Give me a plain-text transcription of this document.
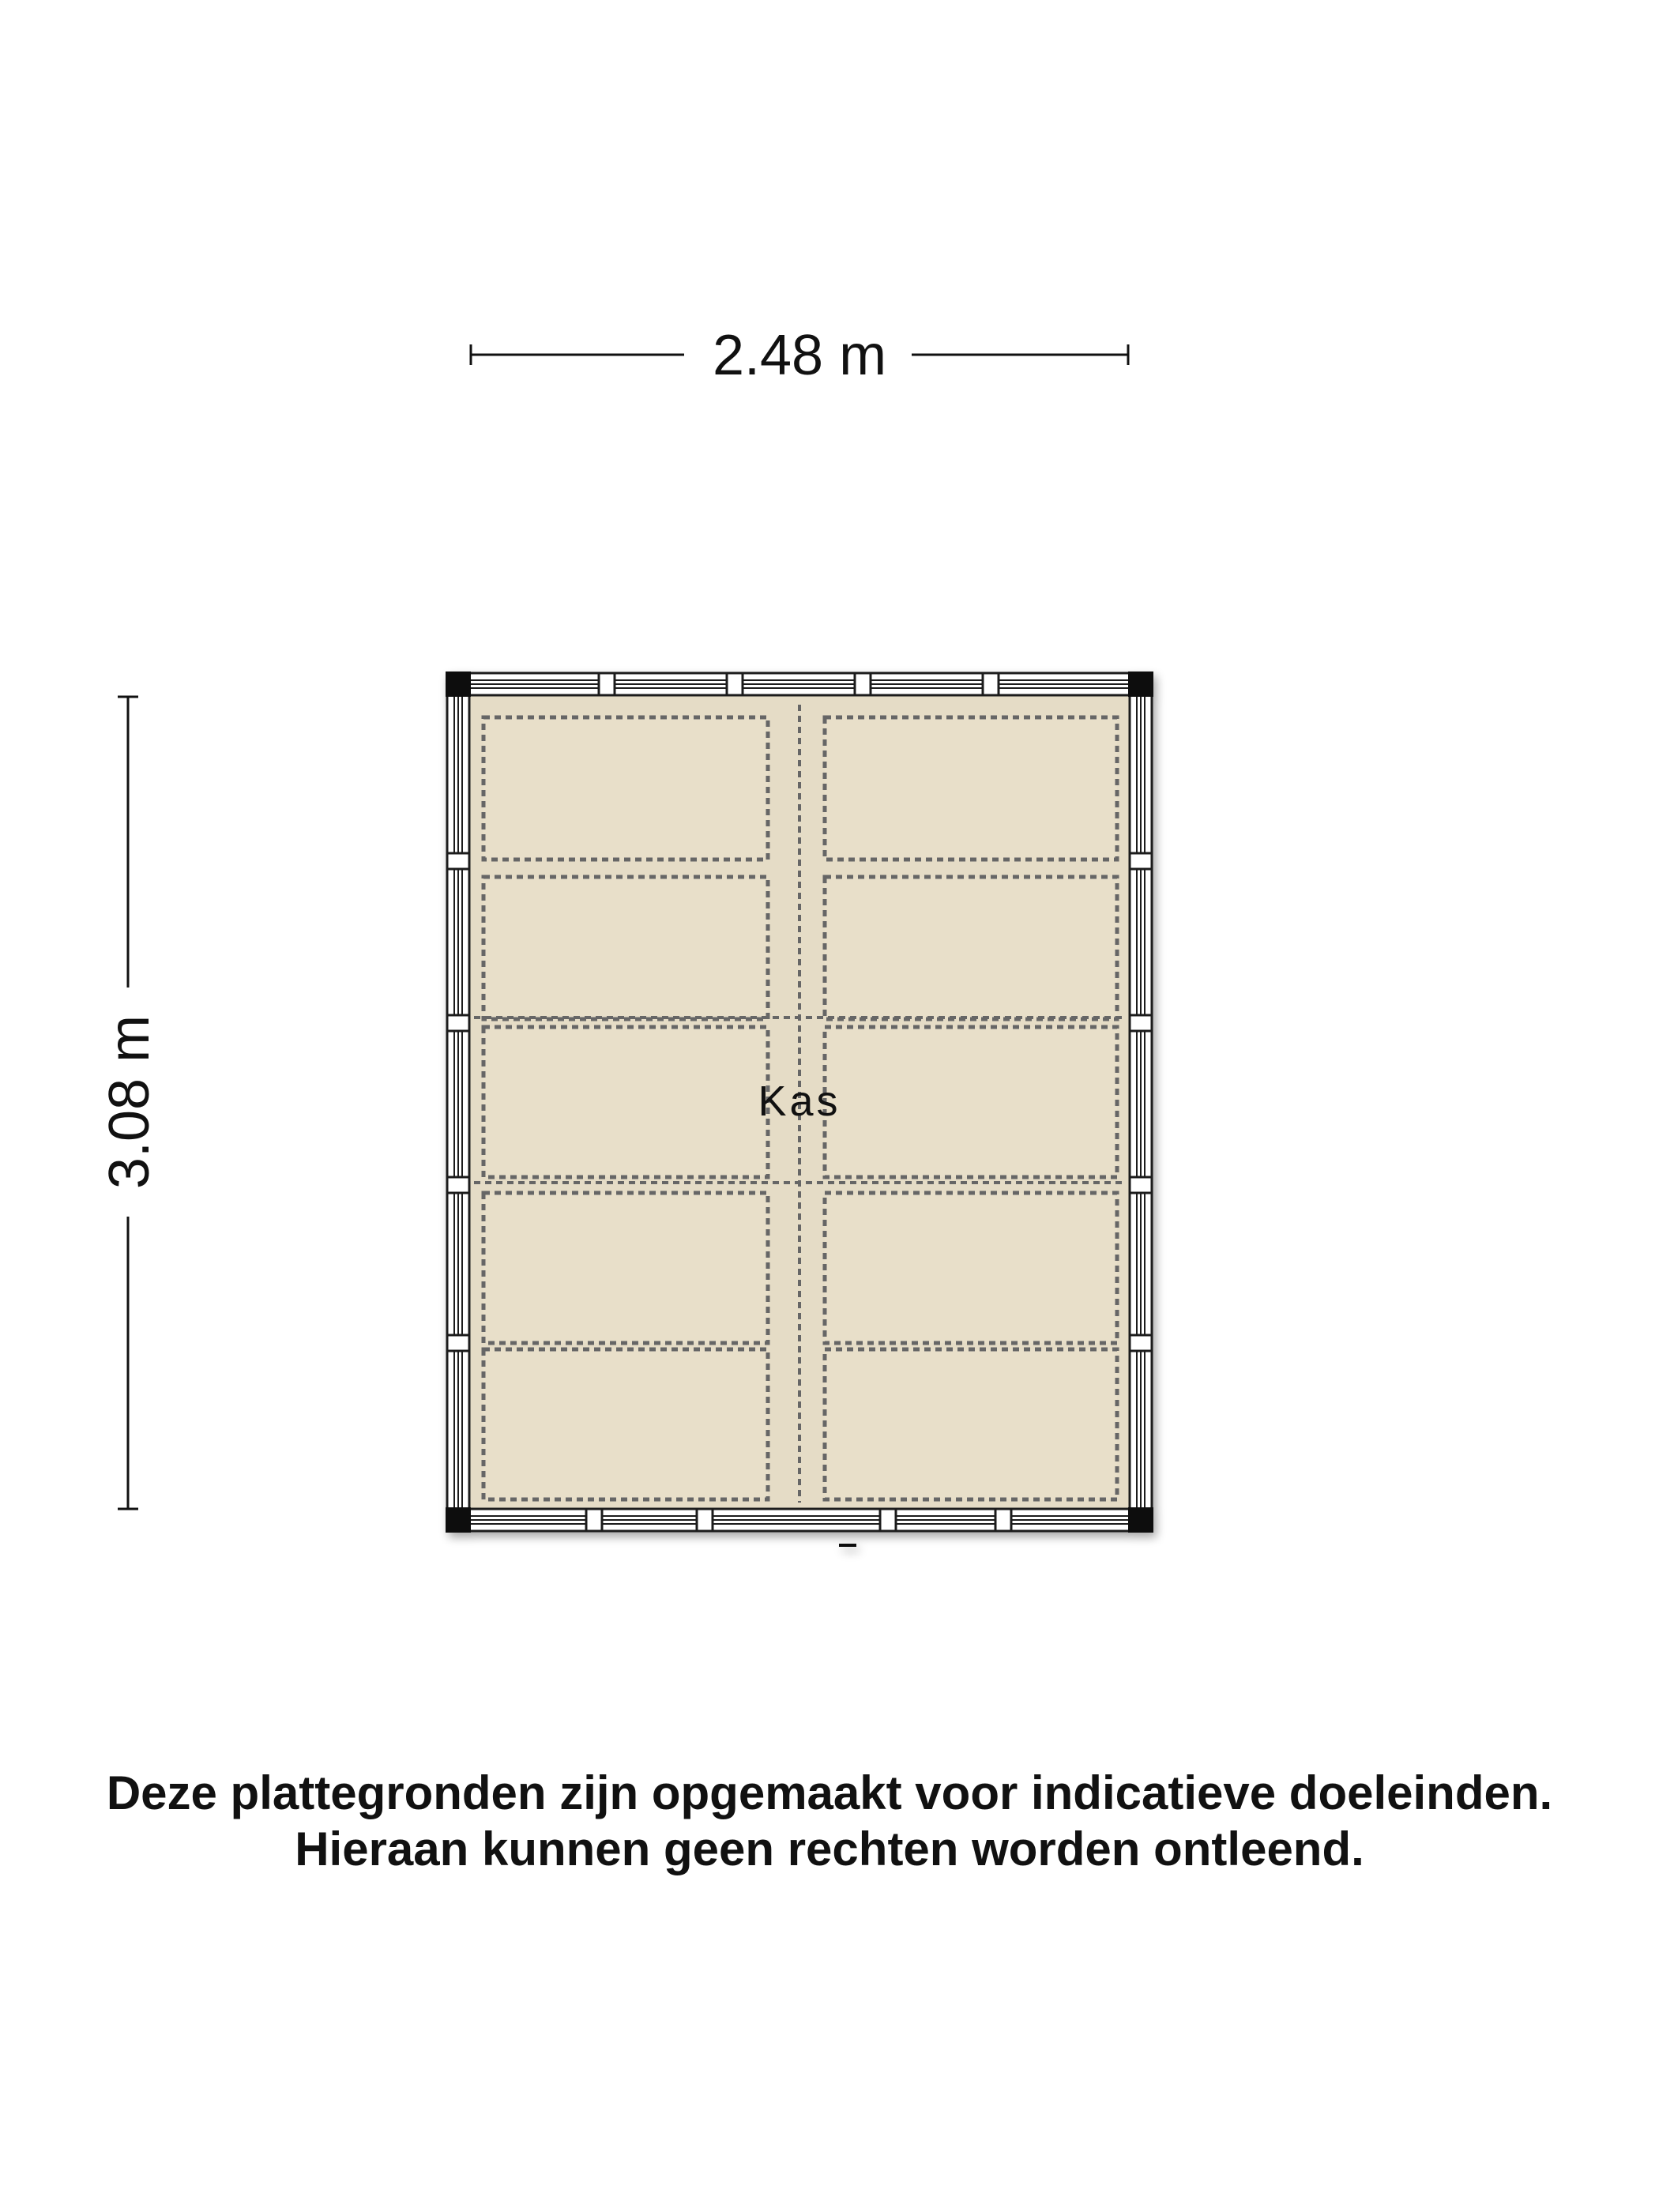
2.48 m
3.08 m	Kas
Deze plattegronden zijn opgemaakt voor indicatieve doeleinden.
Hieraan kunnen geen rechten worden ontleend.
